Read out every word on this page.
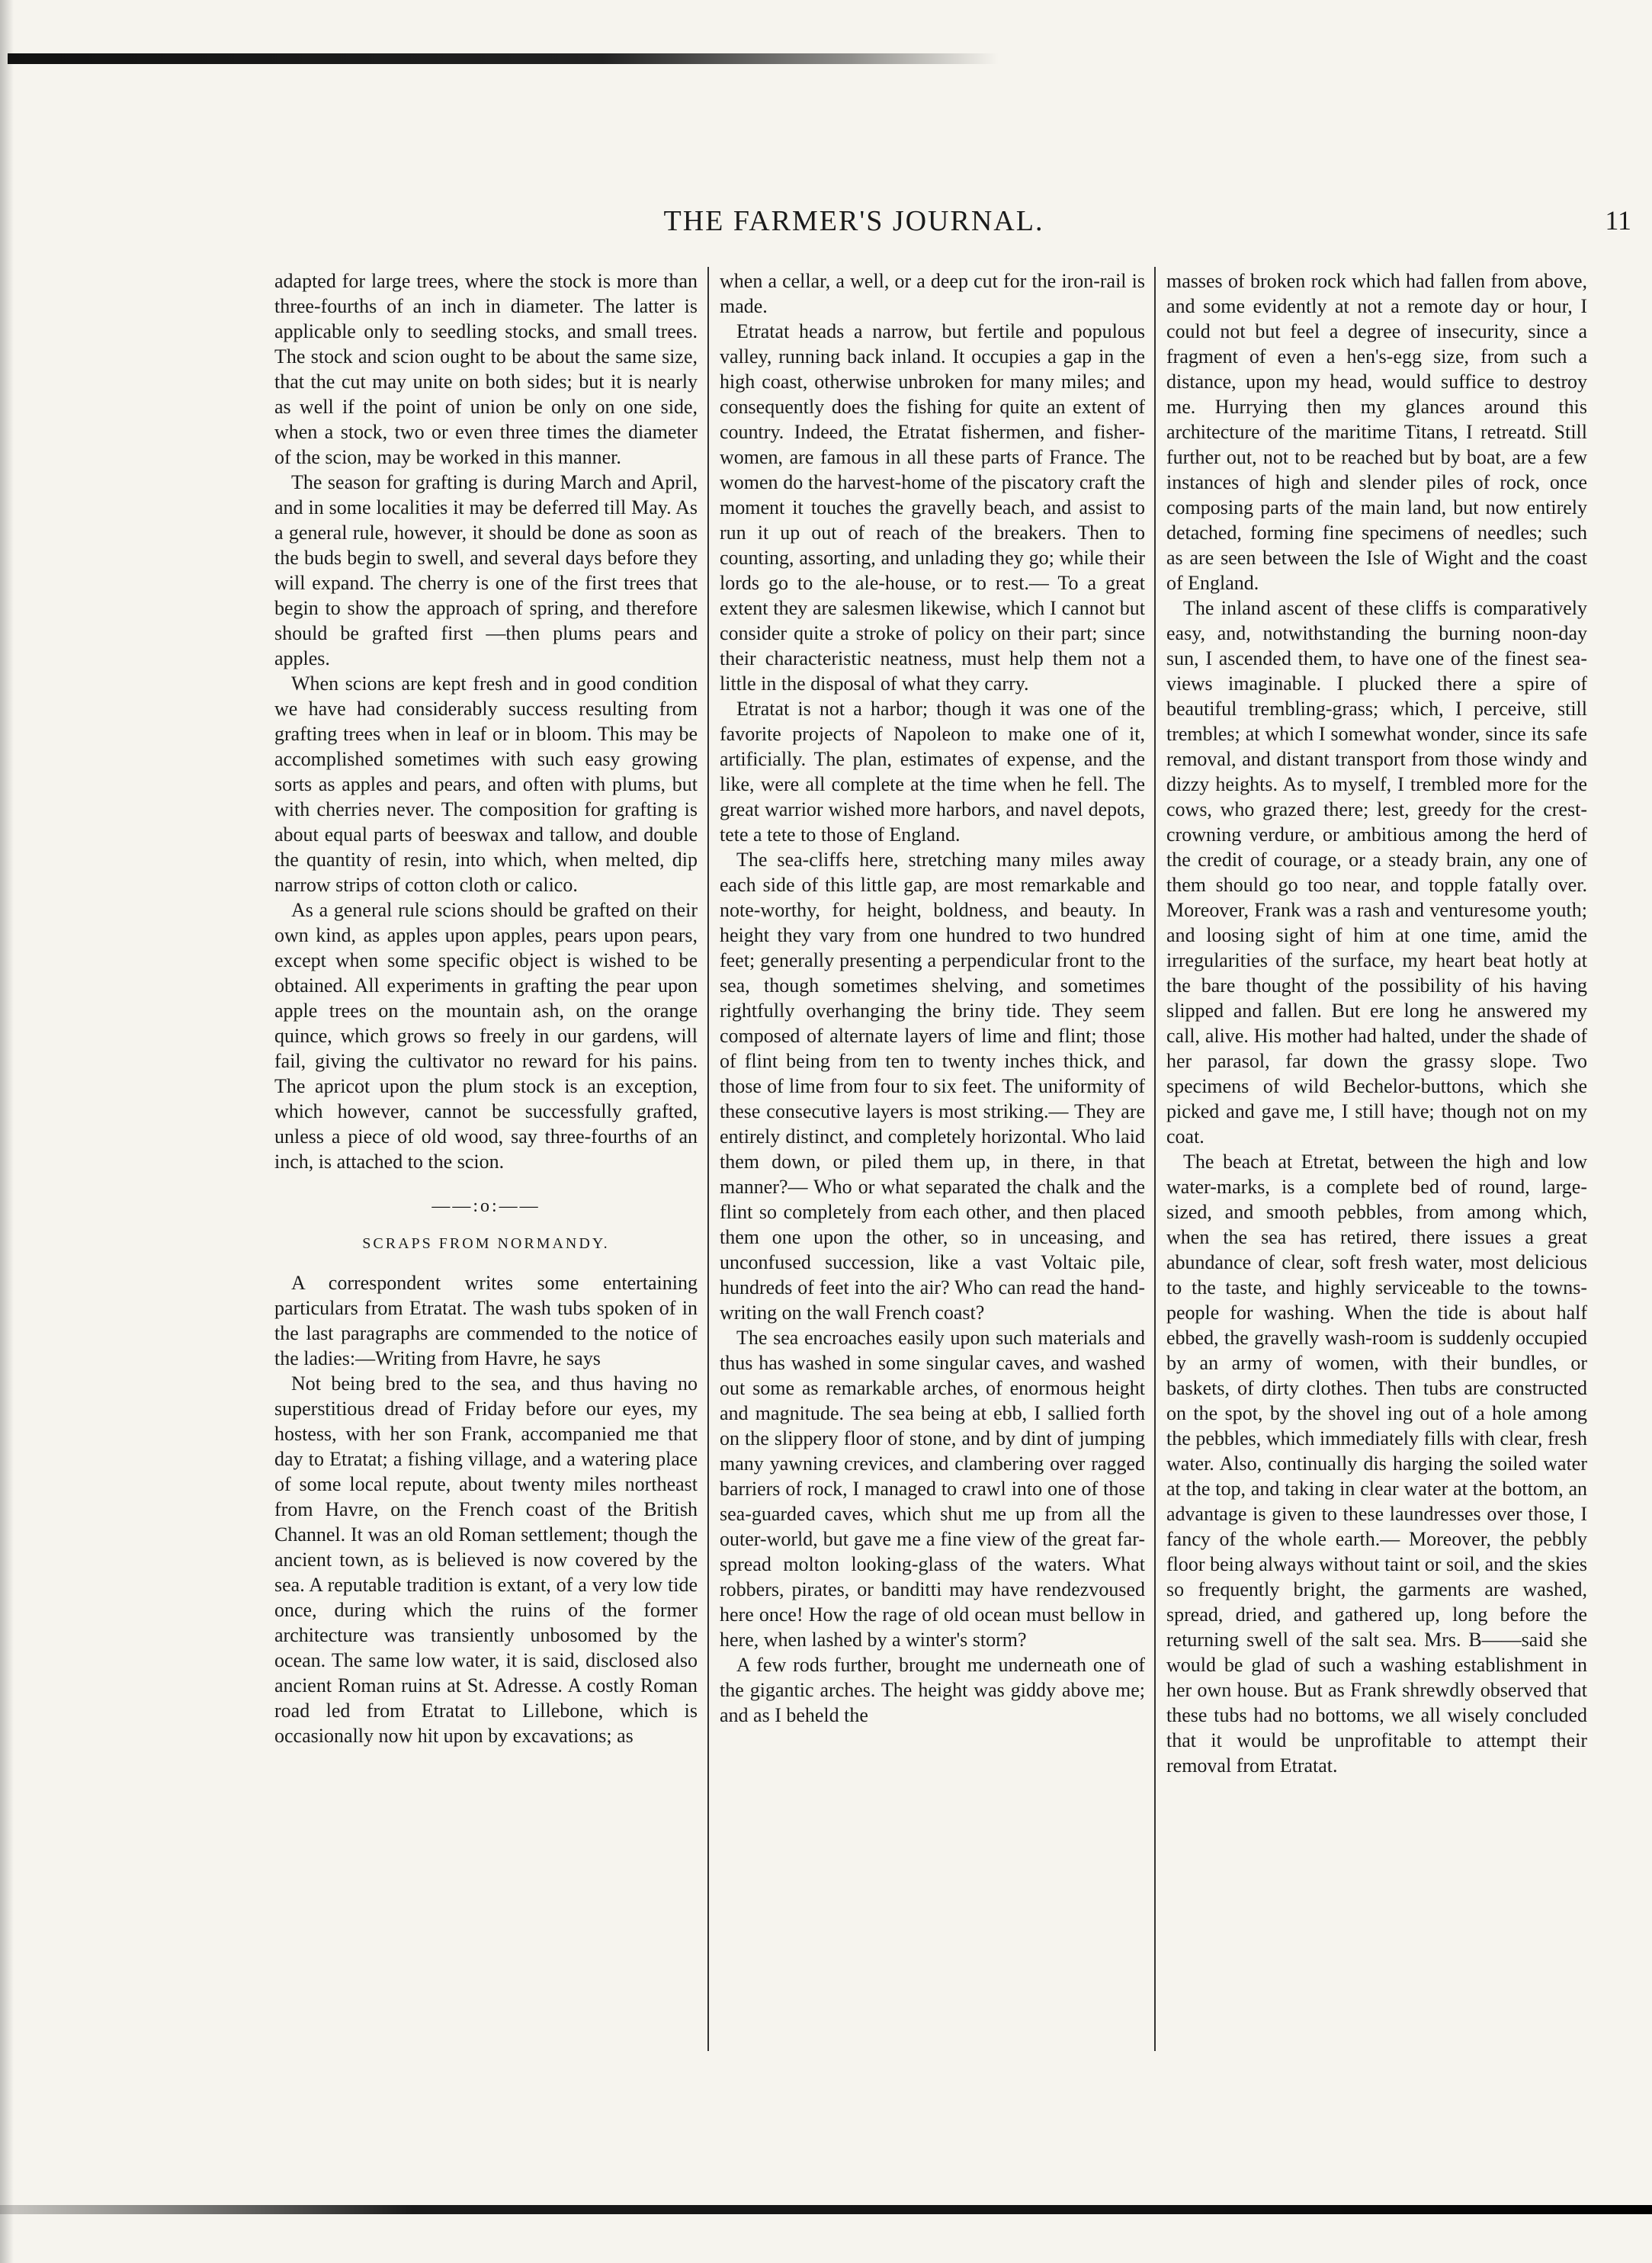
THE FARMER'S JOURNAL.	11

adapted for large trees, where the stock is more than three-fourths of an inch in diameter. The latter is applicable only to seedling stocks, and small trees. The stock and scion ought to be about the same size, that the cut may unite on both sides; but it is nearly as well if the point of union be only on one side, when a stock, two or even three times the diameter of the scion, may be worked in this manner.

The season for grafting is during March and April, and in some localities it may be deferred till May. As a general rule, however, it should be done as soon as the buds begin to swell, and several days before they will expand. The cherry is one of the first trees that begin to show the approach of spring, and therefore should be grafted first —then plums pears and apples.

When scions are kept fresh and in good condition we have had considerably success resulting from grafting trees when in leaf or in bloom. This may be accomplished sometimes with such easy growing sorts as apples and pears, and often with plums, but with cherries never. The composition for grafting is about equal parts of beeswax and tallow, and double the quantity of resin, into which, when melted, dip narrow strips of cotton cloth or calico.

As a general rule scions should be grafted on their own kind, as apples upon apples, pears upon pears, except when some specific object is wished to be obtained. All experiments in grafting the pear upon apple trees on the mountain ash, on the orange quince, which grows so freely in our gardens, will fail, giving the cultivator no reward for his pains. The apricot upon the plum stock is an exception, which however, cannot be successfully grafted, unless a piece of old wood, say three-fourths of an inch, is attached to the scion.

——:o:——
SCRAPS FROM NORMANDY.

A correspondent writes some entertaining particulars from Etratat. The wash tubs spoken of in the last paragraphs are commended to the notice of the ladies:—Writing from Havre, he says

Not being bred to the sea, and thus having no superstitious dread of Friday before our eyes, my hostess, with her son Frank, accompanied me that day to Etratat; a fishing village, and a watering place of some local repute, about twenty miles northeast from Havre, on the French coast of the British Channel. It was an old Roman settlement; though the ancient town, as is believed is now covered by the sea. A reputable tradition is extant, of a very low tide once, during which the ruins of the former architecture was transiently unbosomed by the ocean. The same low water, it is said, disclosed also ancient Roman ruins at St. Adresse. A costly Roman road led from Etratat to Lillebone, which is occasionally now hit upon by excavations; as

when a cellar, a well, or a deep cut for the iron-rail is made.

Etratat heads a narrow, but fertile and populous valley, running back inland. It occupies a gap in the high coast, otherwise unbroken for many miles; and consequently does the fishing for quite an extent of country. Indeed, the Etratat fishermen, and fisher-women, are famous in all these parts of France. The women do the harvest-home of the piscatory craft the moment it touches the gravelly beach, and assist to run it up out of reach of the breakers. Then to counting, assorting, and unlading they go; while their lords go to the ale-house, or to rest.— To a great extent they are salesmen likewise, which I cannot but consider quite a stroke of policy on their part; since their characteristic neatness, must help them not a little in the disposal of what they carry.

Etratat is not a harbor; though it was one of the favorite projects of Napoleon to make one of it, artificially. The plan, estimates of expense, and the like, were all complete at the time when he fell. The great warrior wished more harbors, and navel depots, tete a tete to those of England.

The sea-cliffs here, stretching many miles away each side of this little gap, are most remarkable and note-worthy, for height, boldness, and beauty. In height they vary from one hundred to two hundred feet; generally presenting a perpendicular front to the sea, though sometimes shelving, and sometimes rightfully overhanging the briny tide. They seem composed of alternate layers of lime and flint; those of flint being from ten to twenty inches thick, and those of lime from four to six feet. The uniformity of these consecutive layers is most striking.— They are entirely distinct, and completely horizontal. Who laid them down, or piled them up, in there, in that manner?— Who or what separated the chalk and the flint so completely from each other, and then placed them one upon the other, so in unceasing, and unconfused succession, like a vast Voltaic pile, hundreds of feet into the air? Who can read the hand-writing on the wall French coast?

The sea encroaches easily upon such materials and thus has washed in some singular caves, and washed out some as remarkable arches, of enormous height and magnitude. The sea being at ebb, I sallied forth on the slippery floor of stone, and by dint of jumping many yawning crevices, and clambering over ragged barriers of rock, I managed to crawl into one of those sea-guarded caves, which shut me up from all the outer-world, but gave me a fine view of the great far-spread molton looking-glass of the waters. What robbers, pirates, or banditti may have rendezvoused here once! How the rage of old ocean must bellow in here, when lashed by a winter's storm?

A few rods further, brought me underneath one of the gigantic arches. The height was giddy above me; and as I beheld the

masses of broken rock which had fallen from above, and some evidently at not a remote day or hour, I could not but feel a degree of insecurity, since a fragment of even a hen's-egg size, from such a distance, upon my head, would suffice to destroy me. Hurrying then my glances around this architecture of the maritime Titans, I retreatd. Still further out, not to be reached but by boat, are a few instances of high and slender piles of rock, once composing parts of the main land, but now entirely detached, forming fine specimens of needles; such as are seen between the Isle of Wight and the coast of England.

The inland ascent of these cliffs is comparatively easy, and, notwithstanding the burning noon-day sun, I ascended them, to have one of the finest sea-views imaginable. I plucked there a spire of beautiful trembling-grass; which, I perceive, still trembles; at which I somewhat wonder, since its safe removal, and distant transport from those windy and dizzy heights. As to myself, I trembled more for the cows, who grazed there; lest, greedy for the crest-crowning verdure, or ambitious among the herd of the credit of courage, or a steady brain, any one of them should go too near, and topple fatally over. Moreover, Frank was a rash and venturesome youth; and loosing sight of him at one time, amid the irregularities of the surface, my heart beat hotly at the bare thought of the possibility of his having slipped and fallen. But ere long he answered my call, alive. His mother had halted, under the shade of her parasol, far down the grassy slope. Two specimens of wild Bechelor-buttons, which she picked and gave me, I still have; though not on my coat.

The beach at Etretat, between the high and low water-marks, is a complete bed of round, large-sized, and smooth pebbles, from among which, when the sea has retired, there issues a great abundance of clear, soft fresh water, most delicious to the taste, and highly serviceable to the towns-people for washing. When the tide is about half ebbed, the gravelly wash-room is suddenly occupied by an army of women, with their bundles, or baskets, of dirty clothes. Then tubs are constructed on the spot, by the shovel ing out of a hole among the pebbles, which immediately fills with clear, fresh water. Also, continually dis harging the soiled water at the top, and taking in clear water at the bottom, an advantage is given to these laundresses over those, I fancy of the whole earth.— Moreover, the pebbly floor being always without taint or soil, and the skies so frequently bright, the garments are washed, spread, dried, and gathered up, long before the returning swell of the salt sea. Mrs. B——said she would be glad of such a washing establishment in her own house. But as Frank shrewdly observed that these tubs had no bottoms, we all wisely concluded that it would be unprofitable to attempt their removal from Etratat.
